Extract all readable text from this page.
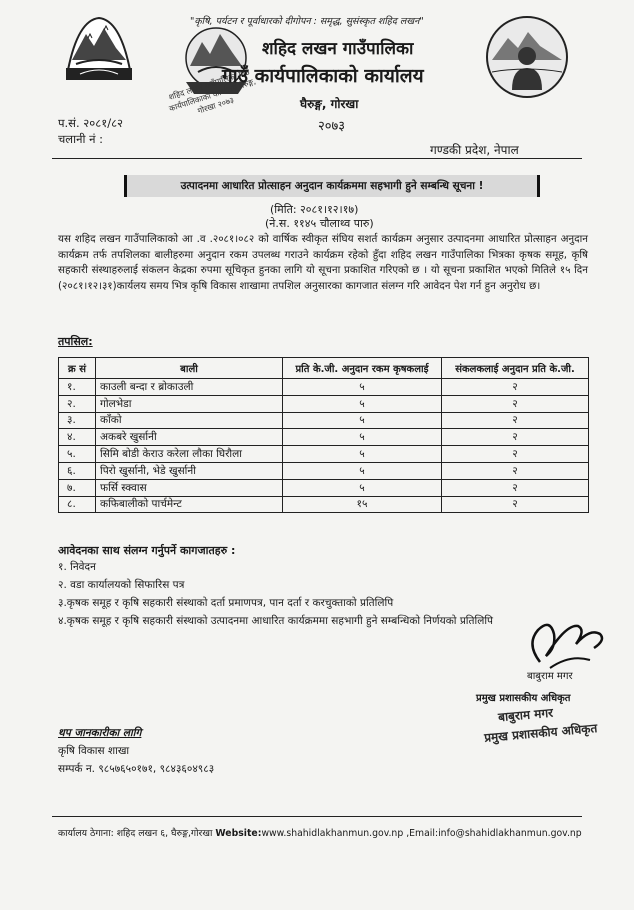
शहिद लखन गाउँपालिका गाउँ कार्यपालिकाको कार्यालय घैरुङ्ग, गोरखा २०७३
"कृषि, पर्यटन र पूर्वाधारको दीगोपन : समृद्ध, सुसंस्कृत शहिद लखन"
शहिद लखन गाउँपालिका
गाउँ कार्यपालिकाको कार्यालय
घैरुङ्ग, गोरखा
२०७३
प.सं. २०८१/८२
चलानी नं :
गण्डकी प्रदेश, नेपाल
उत्पादनमा आधारित प्रोत्साहन अनुदान कार्यक्रममा सहभागी हुने सम्बन्धि सूचना !
(मिति: २०८१।१२।१७)
(ने.स. ११४५ चौलाथ्व पारु)
यस शहिद लखन गाउँपालिकाको आ .व .२०८१।०८२ को वार्षिक स्वीकृत संघिय सशर्त कार्यक्रम अनुसार उत्पादनमा आधारित प्रोत्साहन अनुदान कार्यक्रम तर्फ तपशिलका बालीहरुमा अनुदान रकम उपलब्ध गराउने कार्यक्रम रहेको हुँदा शहिद लखन गाउँपालिका भित्रका कृषक समूह, कृषि सहकारी संस्थाहरुलाई संकलन केद्रका रुपमा सूचिकृत हुनका लागि यो सूचना प्रकाशित गरिएको छ । यो सूचना प्रकाशित भएको मितिले १५ दिन (२०८१।१२।३१)कार्यलय समय भित्र कृषि विकास शाखामा तपशिल अनुसारका कागजात संलग्न गरि आवेदन पेश गर्न हुन अनुरोध छ।
तपसिल:
क्र सं	बाली	प्रति के.जी. अनुदान रकम कृषकलाई	संकलकलाई अनुदान प्रति के.जी.
१.	काउली बन्दा र ब्रोकाउली	५	२
२.	गोलभेडा	५	२
३.	काँको	५	२
४.	अकबरे खुर्सानी	५	२
५.	सिमि बोडी केराउ करेला लौका घिरौला	५	२
६.	पिरो खुर्सानी, भेडे खुर्सानी	५	२
७.	फर्सि स्क्वास	५	२
८.	कफिबालीको पार्चमेन्ट	१५	२
आवेदनका साथ संलग्न गर्नुपर्ने कागजातहरु :
१. निवेदन
२. वडा कार्यालयको सिफारिस पत्र
३.कृषक समूह र कृषि सहकारी संस्थाको दर्ता प्रमाणपत्र, पान दर्ता र करचुक्ताको प्रतिलिपि
४.कृषक समूह र कृषि सहकारी संस्थाको उत्पादनमा आधारित कार्यक्रममा सहभागी हुने सम्बन्धिको निर्णयको प्रतिलिपि
बाबुराम मगर
प्रमुख प्रशासकीय अधिकृत
बाबुराम मगर
प्रमुख प्रशासकीय अधिकृत
थप जानकारीका लागि
कृषि विकास शाखा
सम्पर्क न. ९८५७६५०१७१, ९८४३६०४९८३
कार्यालय ठेगाना: शहिद लखन ६, घैरुङ्ग,गोरखा Website:www.shahidlakhanmun.gov.np ,Email:info@shahidlakhanmun.gov.np
